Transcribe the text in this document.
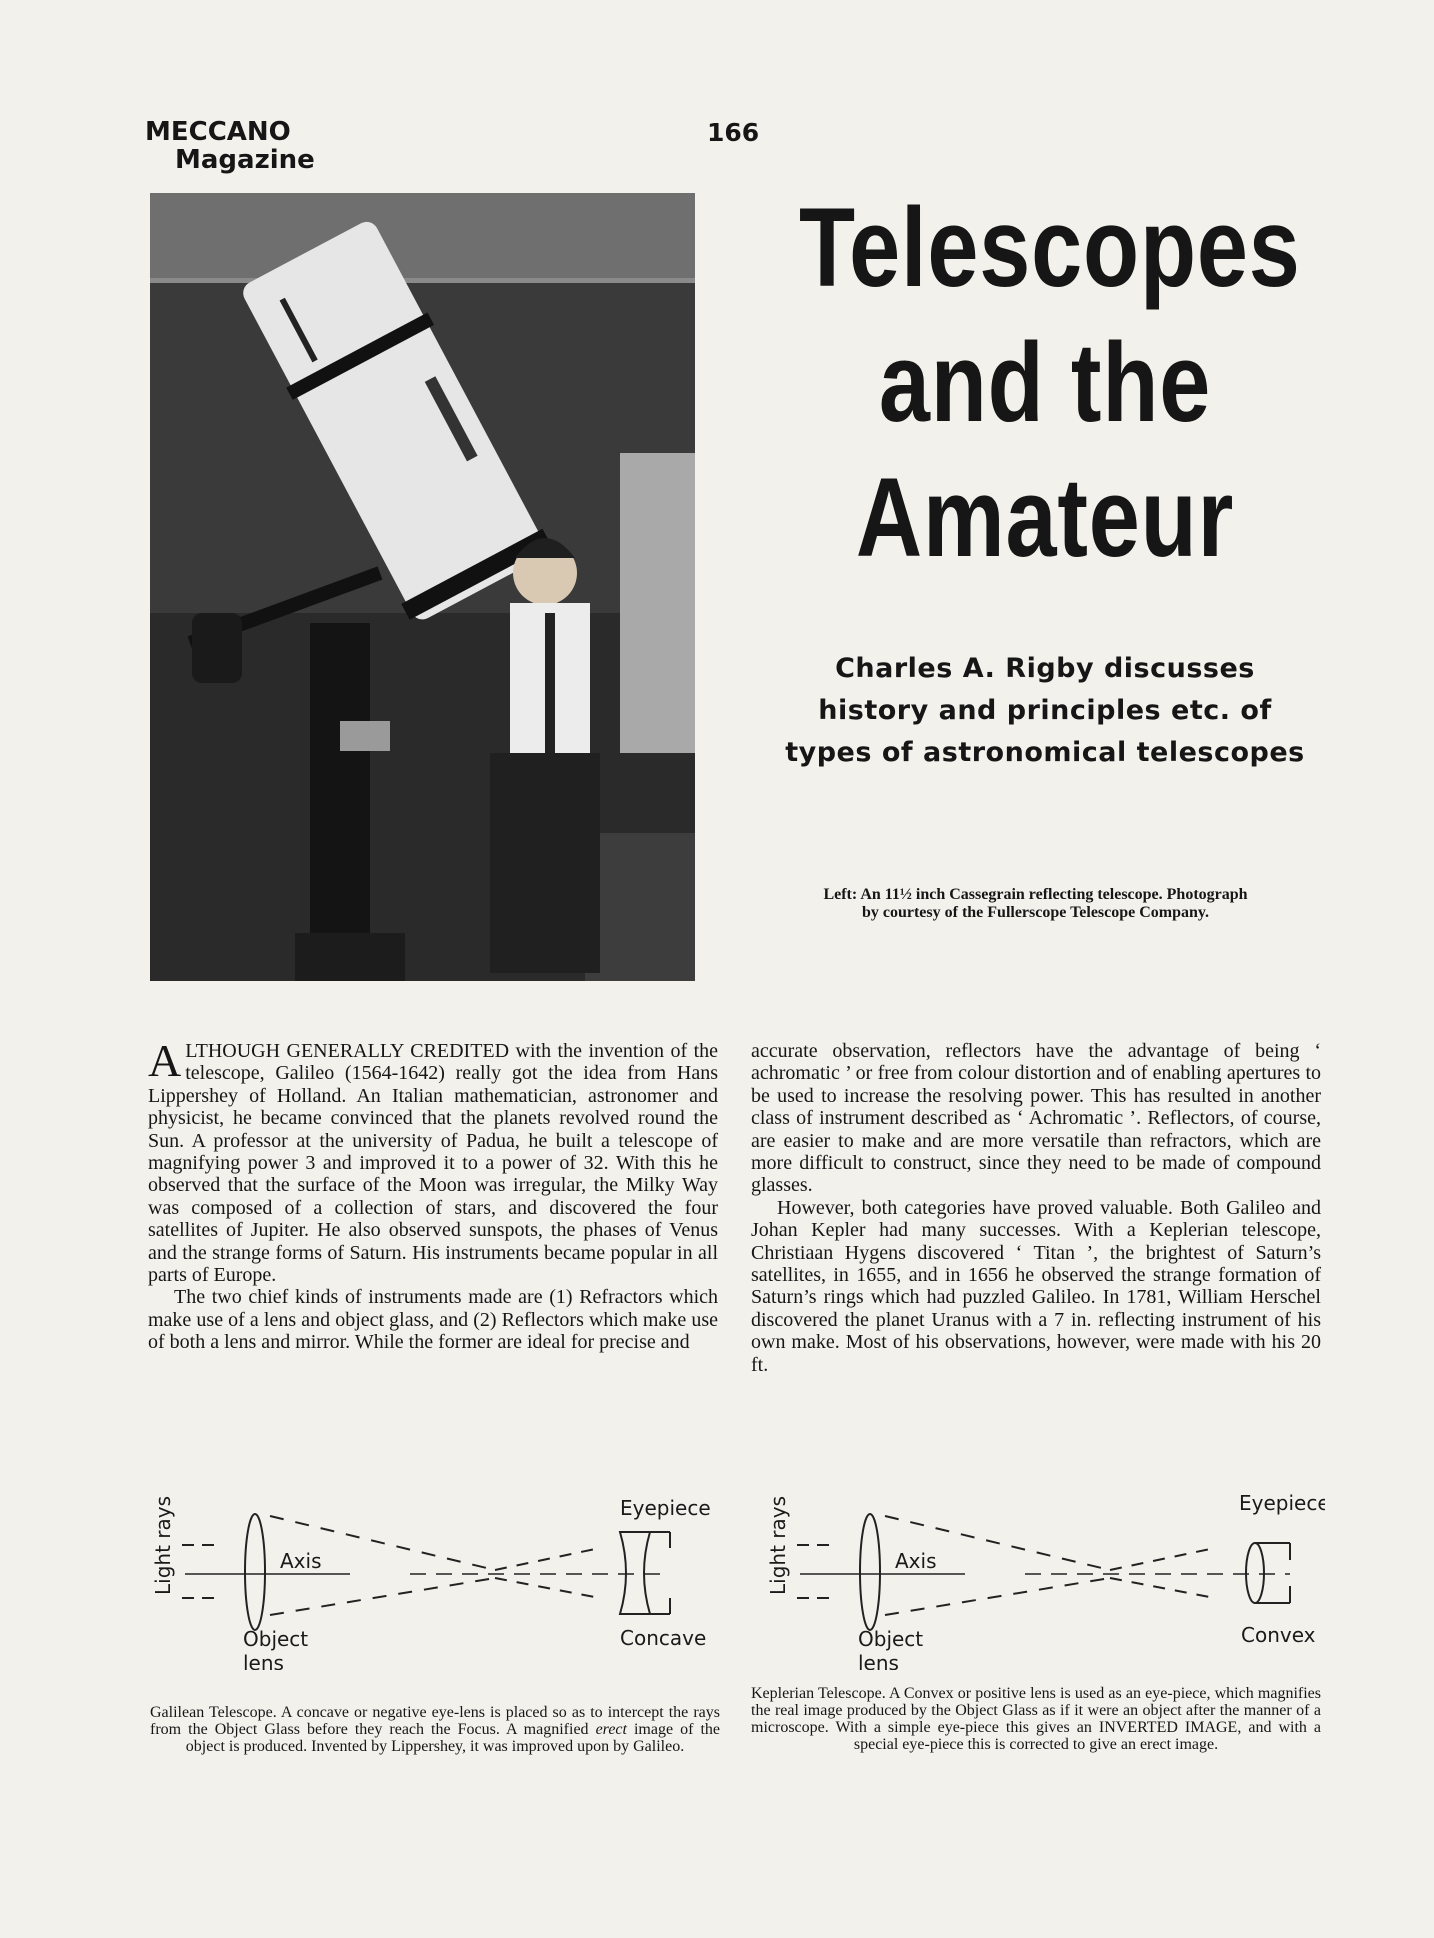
MECCANO
Magazine
166
Telescopes
and the
Amateur
Charles A. Rigby discusses
history and principles etc. of
types of astronomical telescopes
Left: An 11½ inch Cassegrain reflecting telescope. Photograph
by courtesy of the Fullerscope Telescope Company.

ALTHOUGH GENERALLY CREDITED with the invention of the telescope, Galileo (1564-1642) really got the idea from Hans Lippershey of Holland. An Italian mathematician, astronomer and physicist, he became convinced that the planets revolved round the Sun. A professor at the university of Padua, he built a telescope of magnifying power 3 and improved it to a power of 32. With this he observed that the surface of the Moon was irregular, the Milky Way was composed of a collection of stars, and discovered the four satellites of Jupiter. He also observed sunspots, the phases of Venus and the strange forms of Saturn. His instruments became popular in all parts of Europe.

The two chief kinds of instruments made are (1) Refractors which make use of a lens and object glass, and (2) Reflectors which make use of both a lens and mirror. While the former are ideal for precise and

accurate observation, reflectors have the advantage of being ‘ achromatic ’ or free from colour distortion and of enabling apertures to be used to increase the resolving power. This has resulted in another class of instrument described as ‘ Achromatic ’. Reflectors, of course, are easier to make and are more versatile than refractors, which are more difficult to construct, since they need to be made of compound glasses.

However, both categories have proved valuable. Both Galileo and Johan Kepler had many successes. With a Keplerian telescope, Christiaan Hygens discovered ‘ Titan ’, the brightest of Saturn’s satellites, in 1655, and in 1656 he observed the strange formation of Saturn’s rings which had puzzled Galileo. In 1781, William Herschel discovered the planet Uranus with a 7 in. reflecting instrument of his own make. Most of his observations, however, were made with his 20 ft.

Light rays	Axis
Eyepiece
Concave
Object
lens
Light rays	Axis
Eyepiece
Convex
Object
lens
Galilean Telescope. A concave or negative eye-lens is placed so as to intercept the rays from the Object Glass before they reach the Focus. A magnified erect image of the object is produced. Invented by Lippershey, it was improved upon by Galileo.
Keplerian Telescope. A Convex or positive lens is used as an eye-piece, which magnifies the real image produced by the Object Glass as if it were an object after the manner of a microscope. With a simple eye-piece this gives an INVERTED IMAGE, and with a special eye-piece this is corrected to give an erect image.
